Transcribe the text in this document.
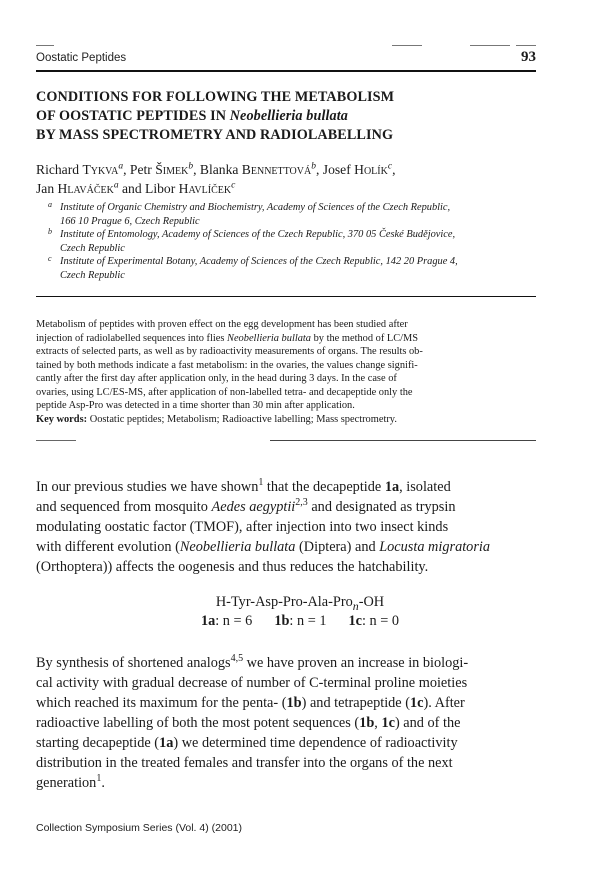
Oostatic Peptides	93
CONDITIONS FOR FOLLOWING THE METABOLISM
OF OOSTATIC PEPTIDES IN Neobellieria bullata
BY MASS SPECTROMETRY AND RADIOLABELLING
Richard Tykva$^a$, Petr Šimek$^b$, Blanka Bennettová$^b$, Josef Holík$^c$,
Jan Hlaváček$^a$ and Libor Havlíček$^c$
a Institute of Organic Chemistry and Biochemistry, Academy of Sciences of the Czech Republic,
166 10 Prague 6, Czech Republic
b Institute of Entomology, Academy of Sciences of the Czech Republic, 370 05 České Budějovice,
Czech Republic
c Institute of Experimental Botany, Academy of Sciences of the Czech Republic, 142 20 Prague 4,
Czech Republic
Metabolism of peptides with proven effect on the egg development has been studied after
injection of radiolabelled sequences into flies Neobellieria bullata by the method of LC/MS
extracts of selected parts, as well as by radioactivity measurements of organs. The results ob-
tained by both methods indicate a fast metabolism: in the ovaries, the values change signifi-
cantly after the first day after application only, in the head during 3 days. In the case of
ovaries, using LC/ES-MS, after application of non-labelled tetra- and decapeptide only the
peptide Asp-Pro was detected in a time shorter than 30 min after application.
Key words: Oostatic peptides; Metabolism; Radioactive labelling; Mass spectrometry.
In our previous studies we have shown$^1$ that the decapeptide 1a, isolated
and sequenced from mosquito Aedes aegyptii$^{2,3}$ and designated as trypsin
modulating oostatic factor (TMOF), after injection into two insect kinds
with different evolution (Neobellieria bullata (Diptera) and Locusta migratoria
(Orthoptera)) affects the oogenesis and thus reduces the hatchability.
H-Tyr-Asp-Pro-Ala-Pro$_n$-OH
1a: n = 6 1b: n = 1 1c: n = 0
By synthesis of shortened analogs$^{4,5}$ we have proven an increase in biologi-
cal activity with gradual decrease of number of C-terminal proline moieties
which reached its maximum for the penta- (1b) and tetrapeptide (1c). After
radioactive labelling of both the most potent sequences (1b, 1c) and of the
starting decapeptide (1a) we determined time dependence of radioactivity
distribution in the treated females and transfer into the organs of the next
generation$^1$.
Collection Symposium Series (Vol. 4) (2001)
